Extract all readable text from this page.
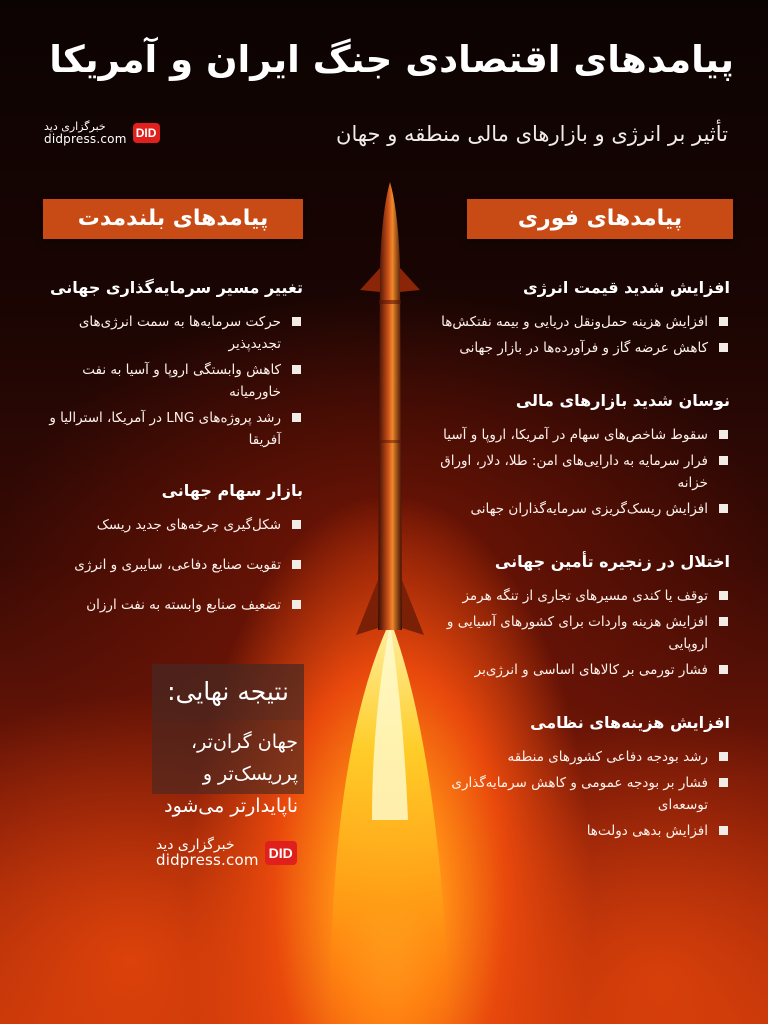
پیامدهای اقتصادی جنگ ایران و آمریکا
تأثیر بر انرژی و بازارهای مالی منطقه و جهان
خبرگزاری دید
didpress.com DID
پیامدهای فوری
پیامدهای بلندمدت
افزایش شدید قیمت انرژی
افزایش هزینه حمل‌ونقل دریایی و بیمه نفتکش‌ها
کاهش عرضه گاز و فرآورده‌ها در بازار جهانی
نوسان شدید بازارهای مالی
سقوط شاخص‌های سهام در آمریکا، اروپا و آسیا
فرار سرمایه به دارایی‌های امن: طلا، دلار، اوراق خزانه
افزایش ریسک‌گریزی سرمایه‌گذاران جهانی
اختلال در زنجیره تأمین جهانی
توقف یا کندی مسیرهای تجاری از تنگه هرمز
افزایش هزینه واردات برای کشورهای آسیایی و اروپایی
فشار تورمی بر کالاهای اساسی و انرژی‌بر
افزایش هزینه‌های نظامی
رشد بودجه دفاعی کشورهای منطقه
فشار بر بودجه عمومی و کاهش سرمایه‌گذاری توسعه‌ای
افزایش بدهی دولت‌ها
تغییر مسیر سرمایه‌گذاری جهانی
حرکت سرمایه‌ها به سمت انرژی‌های تجدیدپذیر
کاهش وابستگی اروپا و آسیا به نفت خاورمیانه
رشد پروژه‌های LNG در آمریکا، استرالیا و آفریقا
بازار سهام جهانی
شکل‌گیری چرخه‌های جدید ریسک
تقویت صنایع دفاعی، سایبری و انرژی
تضعیف صنایع وابسته به نفت ارزان
نتیجه نهایی:
جهان گران‌تر، پرریسک‌تر و ناپایدارتر می‌شود
خبرگزاری دید
didpress.com DID
